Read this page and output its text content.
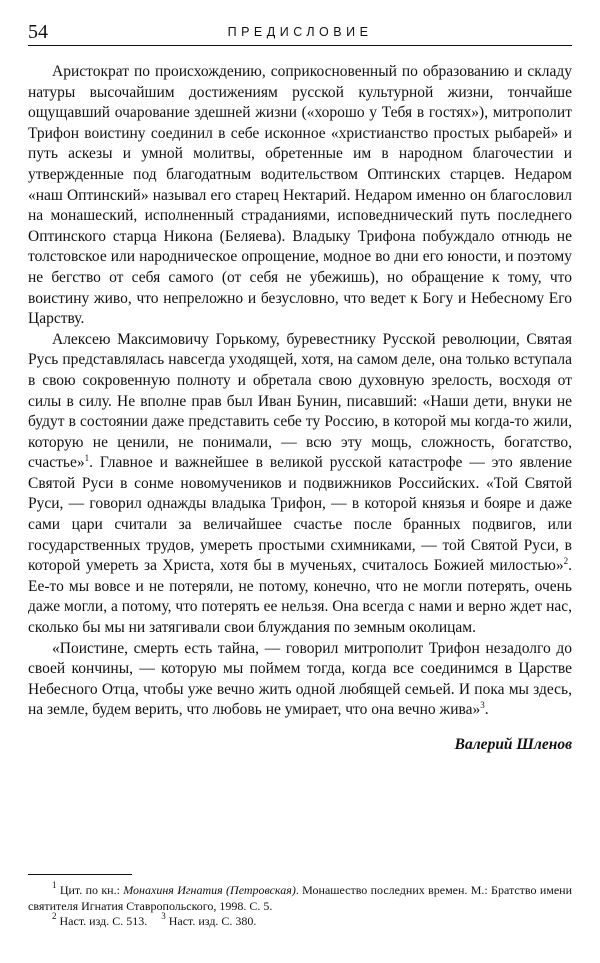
54	ПРЕДИСЛОВИЕ

Аристократ по происхождению, соприкосновенный по образованию и складу натуры высочайшим достижениям русской культурной жизни, тончайше ощущавший очарование здешней жизни («хорошо у Тебя в гостях»), митрополит Трифон воистину соединил в себе исконное «христианство простых рыбарей» и путь аскезы и умной молитвы, обретенные им в народном благочестии и утвержденные под благодатным водительством Оптинских старцев. Недаром «наш Оптинский» называл его старец Нектарий. Недаром именно он благословил на монашеский, исполненный страданиями, исповеднический путь последнего Оптинского старца Никона (Беляева). Владыку Трифона побуждало отнюдь не толстовское или народническое опрощение, модное во дни его юности, и поэтому не бегство от себя самого (от себя не убежишь), но обращение к тому, что воистину живо, что непреложно и безусловно, что ведет к Богу и Небесному Его Царству.

Алексею Максимовичу Горькому, буревестнику Русской революции, Святая Русь представлялась навсегда уходящей, хотя, на самом деле, она только вступала в свою сокровенную полноту и обретала свою духовную зрелость, восходя от силы в силу. Не вполне прав был Иван Бунин, писавший: «Наши дети, внуки не будут в состоянии даже представить себе ту Россию, в которой мы когда-то жили, которую не ценили, не понимали, — всю эту мощь, сложность, богатство, счастье»$^1$. Главное и важнейшее в великой русской катастрофе — это явление Святой Руси в сонме новомучеников и подвижников Российских. «Той Святой Руси, — говорил однажды владыка Трифон, — в которой князья и бояре и даже сами цари считали за величайшее счастье после бранных подвигов, или государственных трудов, умереть простыми схимниками, — той Святой Руси, в которой умереть за Христа, хотя бы в мученьях, считалось Божией милостью»$^2$. Ее-то мы вовсе и не потеряли, не потому, конечно, что не могли потерять, очень даже могли, а потому, что потерять ее нельзя. Она всегда с нами и верно ждет нас, сколько бы мы ни затягивали свои блуждания по земным околицам.

«Поистине, смерть есть тайна, — говорил митрополит Трифон незадолго до своей кончины, — которую мы поймем тогда, когда все соединимся в Царстве Небесного Отца, чтобы уже вечно жить одной любящей семьей. И пока мы здесь, на земле, будем верить, что любовь не умирает, что она вечно жива»$^3$.

Валерий Шленов

$^1$ Цит. по кн.: Монахиня Игнатия (Петровская). Монашество последних времен. М.: Братство имени святителя Игнатия Ставропольского, 1998. С. 5.

$^2$ Наст. изд. С. 513. $^3$ Наст. изд. С. 380.
